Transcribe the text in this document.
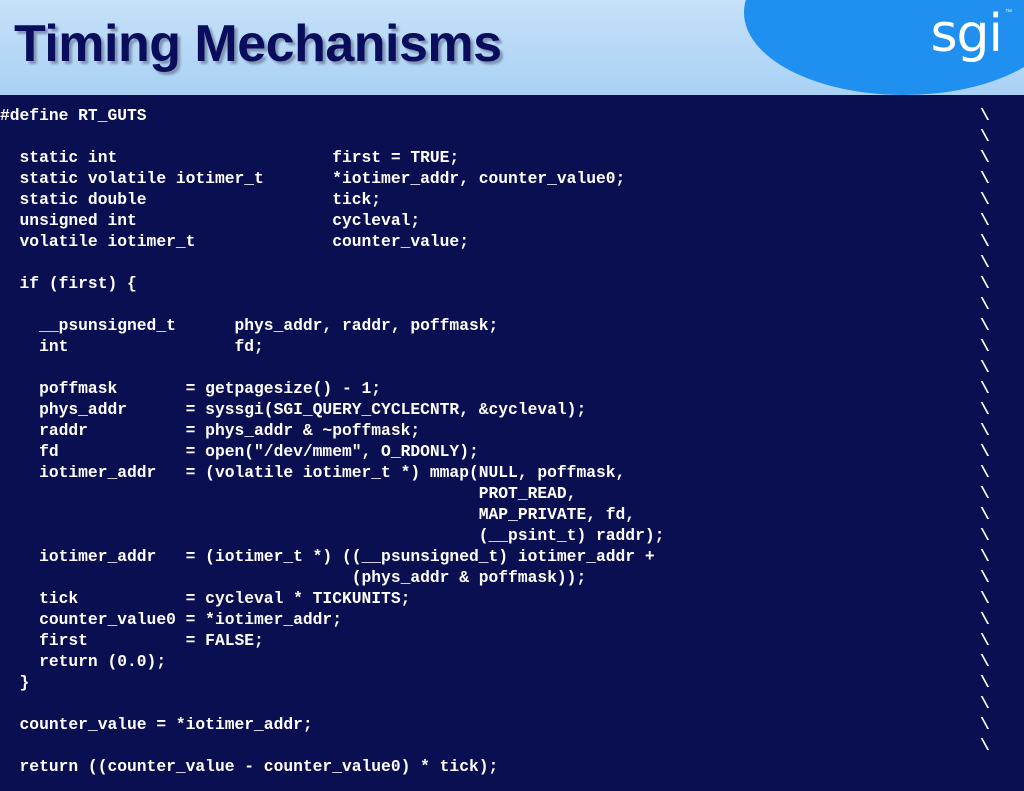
Timing Mechanisms	sgi ™
#define RT_GUTS	\
\
static int                      first = TRUE;	\
static volatile iotimer_t       *iotimer_addr, counter_value0;	\
static double                   tick;	\
unsigned int                    cycleval;	\
volatile iotimer_t              counter_value;	\
\
if (first) {	\
\
__psunsigned_t      phys_addr, raddr, poffmask;	\
int                 fd;	\
\
poffmask       = getpagesize() - 1;	\
phys_addr      = syssgi(SGI_QUERY_CYCLECNTR, &cycleval);	\
raddr          = phys_addr & ~poffmask;	\
fd             = open("/dev/mmem", O_RDONLY);	\
iotimer_addr   = (volatile iotimer_t *) mmap(NULL, poffmask,	\
PROT_READ,	\
MAP_PRIVATE, fd,	\
(__psint_t) raddr);	\
iotimer_addr   = (iotimer_t *) ((__psunsigned_t) iotimer_addr +	\
(phys_addr & poffmask));	\
tick           = cycleval * TICKUNITS;	\
counter_value0 = *iotimer_addr;	\
first          = FALSE;	\
return (0.0);	\
}	\
\
counter_value = *iotimer_addr;	\
\
return ((counter_value - counter_value0) * tick);
